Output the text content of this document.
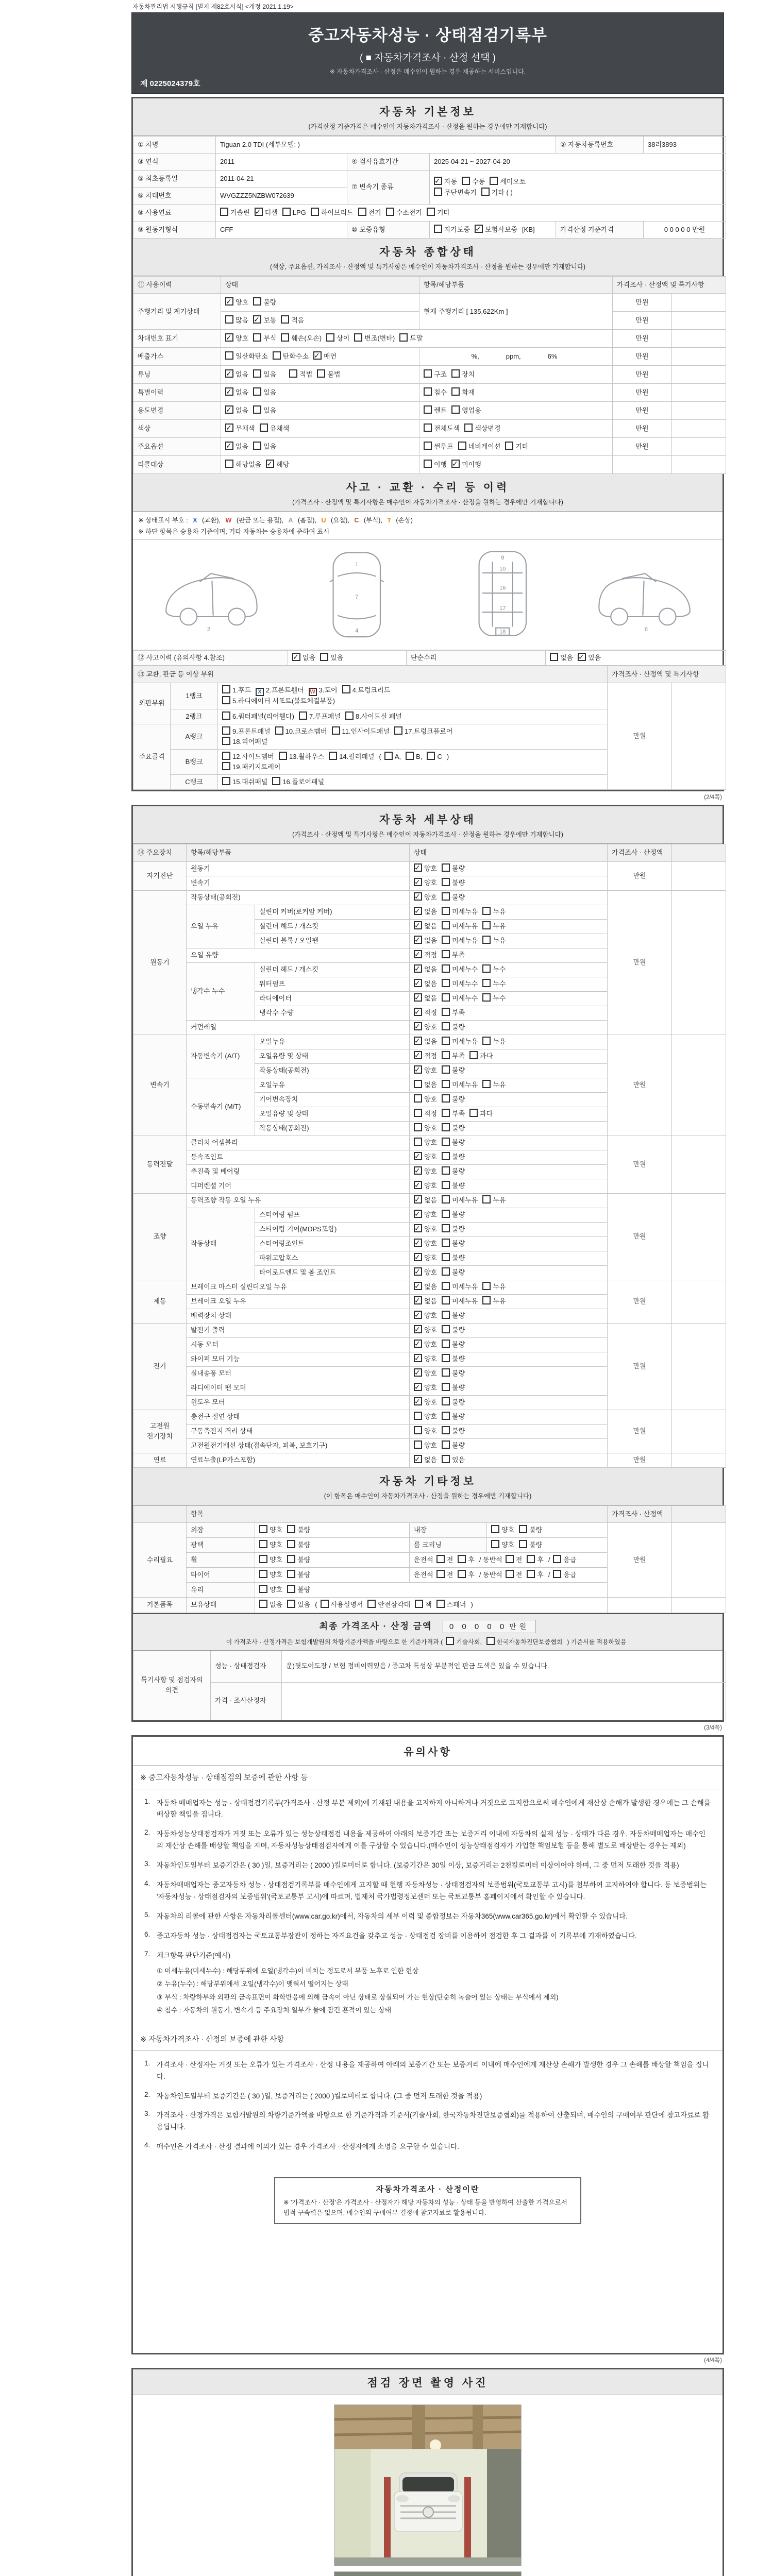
자동차관리법 시행규칙 [별지 제82호서식] <개정 2021.1.19>
중고자동차성능 · 상태점검기록부
( ■ 자동차가격조사 · 산정 선택 )
※ 자동차가격조사 · 산정은 매수인이 원하는 경우 제공하는 서비스입니다.
제 0225024379호
자동차 기본정보
(가격산정 기준가격은 매수인이 자동차가격조사 · 산정을 원하는 경우에만 기재합니다)
① 차명	Tiguan 2.0 TDI (세부모델: )			② 자동차등록번호	38러3893
③ 연식	2011	④ 검사유효기간	2025-04-21 ~ 2027-04-20		
⑤ 최초등록일	2011-04-21	⑦ 변속기 종류	✓자동 수동 세미오토
무단변속기 기타 ( )
⑥ 차대번호	WVGZZZ5NZBW072639				
⑧ 사용연료	가솔린 ✓ 디젤 LPG 하이브리드 전기 수소전기 기타
⑨ 원동기형식	CFF	⑩ 보증유형	자가보증 ✓ 보험사보증 [KB]	가격산정 기준가격	0 0 0 0 0 만원
자동차 종합상태
(색상, 주요옵션, 가격조사 · 산정액 및 특기사항은 매수인이 자동차가격조사 · 산정을 원하는 경우에만 기재합니다)
⑪ 사용이력	상태	항목/해당부품	가격조사 · 산정액 및 특기사항	
주행거리 및 계기상태	✓양호 불량	현재 주행거리 [ 135,622Km ]	만원	
	많음 ✓ 보통 적음		만원	
차대번호 표기	✓양호 부식 훼손(오손) 상이 변조(변타) 도말		만원	
배출가스	일산화탄소 탄화수소 ✓ 매연	%, ppm, 6%	만원	
튜닝	✓없음 있음 적법 불법	구조 장치	만원	
특별이력	✓없음 있음	침수 화재	만원	
용도변경	✓없음 있음	렌트 영업용	만원	
색상	✓무채색 유채색	전체도색 색상변경	만원	
주요옵션	✓없음 있음	썬루프 네비게이션 기타	만원	
리콜대상	해당없음 ✓ 해당	이행 ✓ 미이행		
사고 · 교환 · 수리 등 이력
(가격조사 · 산정액 및 특기사항은 매수인이 자동차가격조사 · 산정을 원하는 경우에만 기재합니다)
※ 상태표시 부호 : X (교환), W (판금 또는 용접), A (흠집), U (요철), C (부식), T (손상)
※ 하단 항목은 승용차 기준이며, 기타 자동차는 승용차에 준하여 표시
2
1
7
4
9
10
16
17
18	6
⑫ 사고이력 (유의사항 4.참조)	✓없음 있음	단순수리	없음 ✓ 있음
⑬ 교환, 판금 등 이상 부위			가격조사 · 산정액 및 특기사항	
외판부위	1랭크	1.후드 X 2.프론트휀더 W 3.도어 4.트렁크리드
5.라디에이터 서포트(볼트체결부품)	만원	
	2랭크	6.쿼터패널(리어휀다) 7.루프패널 8.사이드실 패널		
주요골격	A랭크	9.프론트패널 10.크로스멤버 11.인사이드패널 17.트렁크플로어
18.리어패널		
	B랭크	12.사이드멤버 13.휠하우스 14.필러패널 ( A, B, C )
19.패키지트레이		
	C랭크	15.대쉬패널 16.플로어패널		
(2/4쪽)
자동차 세부상태
(가격조사 · 산정액 및 특기사항은 매수인이 자동차가격조사 · 산정을 원하는 경우에만 기재합니다)
⑭ 주요장치	항목/해당부품		상태	가격조사 · 산정액	
자기진단	원동기	✓양호 불량	만원	
	변속기	✓양호 불량
원동기	작동상태(공회전)	✓양호 불량	만원	
	오일 누유	실린더 커버(로커암 커버)	✓없음 미세누유 누유
		실린더 헤드 / 개스킷	✓없음 미세누유 누유
		실린더 블록 / 오일팬	✓없음 미세누유 누유
	오일 유량	✓적정 부족
	냉각수 누수	실린더 헤드 / 개스킷	✓없음 미세누수 누수
		워터펌프	✓없음 미세누수 누수
		라디에이터	✓없음 미세누수 누수
		냉각수 수량	✓적정 부족
	커먼레일	✓양호 불량
변속기	자동변속기 (A/T)	오일누유	✓없음 미세누유 누유	만원	
		오일유량 및 상태	✓적정 부족 과다
		작동상태(공회전)	✓양호 불량
	수동변속기 (M/T)	오일누유	없음 미세누유 누유		
		기어변속장치	양호 불량		
		오일유량 및 상태	적정 부족 과다		
		작동상태(공회전)	양호 불량		
동력전달	클러치 어셈블리		양호 불량	만원	
	등속조인트	✓양호 불량
	추진축 및 베어링	✓양호 불량
	디퍼렌셜 기어	✓양호 불량
조향	동력조향 작동 오일 누유	✓없음 미세누유 누유	만원	
	작동상태	스티어링 펌프	✓양호 불량
		스티어링 기어(MDPS포함)	✓양호 불량
		스티어링조인트	✓양호 불량
		파워고압호스	✓양호 불량
		타이로드엔드 및 볼 조인트	✓양호 불량
제동	브레이크 마스터 실린더오일 누유	✓없음 미세누유 누유	만원	
	브레이크 오일 누유	✓없음 미세누유 누유
	배력장치 상태	✓양호 불량
전기	발전기 출력	✓양호 불량	만원	
	시동 모터	✓양호 불량
	와이퍼 모터 기능	✓양호 불량
	실내송풍 모터	✓양호 불량
	라디에이터 팬 모터	✓양호 불량
	윈도우 모터	✓양호 불량
고전원 전기장치	충전구 절연 상태		양호 불량	만원	
	구동축전지 격리 상태		양호 불량		
	고전원전기배선 상태(접속단자, 피복, 보호기구)		양호 불량		
연료	연료누출(LP가스포함)	✓없음 있음	만원	
자동차 기타정보
(이 항목은 매수인이 자동차가격조사 · 산정을 원하는 경우에만 기재합니다)
	항목				가격조사 · 산정액	
수리필요	외장	양호 불량	내장	양호 불량	만원	
	광택	양호 불량	룸 크리닝	양호 불량		
	휠	양호 불량	운전석 전 후 / 동반석 전 후 / 응급			
	타이어	양호 불량	운전석 전 후 / 동반석 전 후 / 응급			
	유리	양호 불량				
기본품목	보유상태	없음 있음 ( 사용설명서 안전삼각대 잭 스패너 )				
최종 가격조사 · 산정 금액 0 0 0 0 0 만원
이 가격조사 · 산정가격은 보험개발원의 차량기준가액을 바탕으로 한 기준가격과 ( 기술사회, 한국자동차진단보증협회 ) 기준서를 적용하였음
특기사항 및 점검자의 의견	성능 · 상태점검자	운)뒷도어도장 / 보험 정비이력있음 / 중고차 특성상 부분적인 판금 도색은 있을 수 있습니다.
	가격 · 조사산정자	
(3/4쪽)
유의사항
※ 중고자동차성능 · 상태점검의 보증에 관한 사항 등
1. 자동차 매매업자는 성능 · 상태점검기록부(가격조사 · 산정 부분 제외)에 기재된 내용을 고지하지 아니하거나 거짓으로 고지함으로써 매수인에게 재산상 손해가 발생한 경우에는 그 손해를 배상할 책임을 집니다.
2. 자동차성능상태점검자가 거짓 또는 오류가 있는 성능상태점검 내용을 제공하여 아래의 보증기간 또는 보증거리 이내에 자동차의 실제 성능 · 상태가 다른 경우, 자동차매매업자는 매수인의 재산상 손해를 배상할 책임을 지며, 자동차성능상태점검자에게 이를 구상할 수 있습니다.(매수인이 성능상태점검자가 가입한 책임보험 등을 통해 별도로 배상받는 경우는 제외)
3. 자동차인도일부터 보증기간은 ( 30 )일, 보증거리는 ( 2000 )킬로미터로 합니다. (보증기간은 30일 이상, 보증거리는 2천킬로미터 이상이어야 하며, 그 중 먼저 도래한 것을 적용)
4. 자동차매매업자는 중고자동차 성능 · 상태점검기록부를 매수인에게 고지할 때 현행 자동차성능 · 상태점검자의 보증범위(국토교통부 고시)를 첨부하여 고지하여야 합니다. 동 보증범위는 '자동차성능 · 상태점검자의 보증범위'(국토교통부 고시)에 따르며, 법제처 국가법령정보센터 또는 국토교통부 홈페이지에서 확인할 수 있습니다.
5. 자동차의 리콜에 관한 사항은 자동차리콜센터(www.car.go.kr)에서, 자동차의 세부 이력 및 종합정보는 자동차365(www.car365.go.kr)에서 확인할 수 있습니다.
6. 중고자동차 성능 · 상태점검자는 국토교통부장관이 정하는 자격요건을 갖추고 성능 · 상태점검 장비를 이용하여 점검한 후 그 결과를 이 기록부에 기재하였습니다.
7. 체크항목 판단기준(예시)
① 미세누유(미세누수) : 해당부위에 오일(냉각수)이 비치는 정도로서 부품 노후로 인한 현상
② 누유(누수) : 해당부위에서 오일(냉각수)이 맺혀서 떨어지는 상태
③ 부식 : 차량하부와 외판의 금속표면이 화학반응에 의해 금속이 아닌 상태로 상실되어 가는 현상(단순히 녹슬어 있는 상태는 부식에서 제외)
④ 침수 : 자동차의 원동기, 변속기 등 주요장치 일부가 물에 잠긴 흔적이 있는 상태
※ 자동차가격조사 · 산정의 보증에 관한 사항
1. 가격조사 · 산정자는 거짓 또는 오류가 있는 가격조사 · 산정 내용을 제공하여 아래의 보증기간 또는 보증거리 이내에 매수인에게 재산상 손해가 발생한 경우 그 손해를 배상할 책임을 집니다.
2. 자동차인도일부터 보증기간은 ( 30 )일, 보증거리는 ( 2000 )킬로미터로 합니다. (그 중 먼저 도래한 것을 적용)
3. 가격조사 · 산정가격은 보험개발원의 차량기준가액을 바탕으로 한 기준가격과 기준서(기술사회, 한국자동차진단보증협회)를 적용하여 산출되며, 매수인의 구매여부 판단에 참고자료로 활용됩니다.
4. 매수인은 가격조사 · 산정 결과에 이의가 있는 경우 가격조사 · 산정자에게 소명을 요구할 수 있습니다.
자동차가격조사 · 산정이란
※ '가격조사 · 산정'은 가격조사 · 산정자가 해당 자동차의 성능 · 상태 등을 반영하여 산출한 가격으로서 법적 구속력은 없으며, 매수인의 구매여부 결정에 참고자료로 활용됩니다.
(4/4쪽)
점검 장면 촬영 사진
